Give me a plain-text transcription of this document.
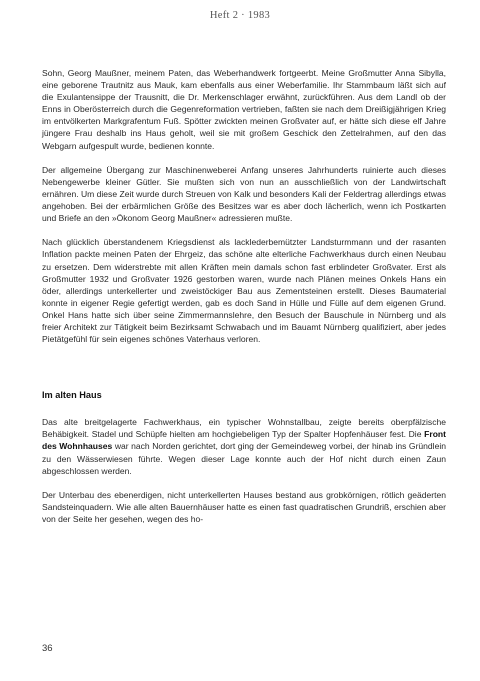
Heft 2 · 1983

Sohn, Georg Maußner, meinem Paten, das Weberhandwerk fortgeerbt. Meine Großmutter Anna Sibylla, eine geborene Trautnitz aus Mauk, kam ebenfalls aus einer Weberfamilie. Ihr Stammbaum läßt sich auf die Exulantensippe der Trausnitt, die Dr. Merkenschlager erwähnt, zurückführen. Aus dem Landl ob der Enns in Oberösterreich durch die Gegenreformation vertrieben, faßten sie nach dem Dreißigjährigen Krieg im entvölkerten Markgrafentum Fuß. Spötter zwickten meinen Großvater auf, er hätte sich diese elf Jahre jüngere Frau deshalb ins Haus geholt, weil sie mit großem Geschick den Zettelrahmen, auf den das Webgarn aufgespult wurde, bedienen konnte.

Der allgemeine Übergang zur Maschinenweberei Anfang unseres Jahrhunderts ruinierte auch dieses Nebengewerbe kleiner Gütler. Sie mußten sich von nun an ausschließlich von der Landwirtschaft ernähren. Um diese Zeit wurde durch Streuen von Kalk und besonders Kali der Feldertrag allerdings etwas angehoben. Bei der erbärmlichen Größe des Besitzes war es aber doch lächerlich, wenn ich Postkarten und Briefe an den »Ökonom Georg Maußner« adressieren mußte.

Nach glücklich überstandenem Kriegsdienst als lacklederbemützter Landsturmmann und der rasanten Inflation packte meinen Paten der Ehrgeiz, das schöne alte elterliche Fachwerkhaus durch einen Neubau zu ersetzen. Dem widerstrebte mit allen Kräften mein damals schon fast erblindeter Großvater. Erst als Großmutter 1932 und Großvater 1926 gestorben waren, wurde nach Plänen meines Onkels Hans ein öder, allerdings unterkellerter und zweistöckiger Bau aus Zementsteinen erstellt. Dieses Baumaterial konnte in eigener Regie gefertigt werden, gab es doch Sand in Hülle und Fülle auf dem eigenen Grund. Onkel Hans hatte sich über seine Zimmermannslehre, den Besuch der Bauschule in Nürnberg und als freier Architekt zur Tätigkeit beim Bezirksamt Schwabach und im Bauamt Nürnberg qualifiziert, aber jedes Pietätgefühl für sein eigenes schönes Vaterhaus verloren.

Im alten Haus

Das alte breitgelagerte Fachwerkhaus, ein typischer Wohnstallbau, zeigte bereits oberpfälzische Behäbigkeit. Stadel und Schüpfe hielten am hochgiebeligen Typ der Spalter Hopfenhäuser fest. Die Front des Wohnhauses war nach Norden gerichtet, dort ging der Gemeindeweg vorbei, der hinab ins Gründlein zu den Wässerwiesen führte. Wegen dieser Lage konnte auch der Hof nicht durch einen Zaun abgeschlossen werden.

Der Unterbau des ebenerdigen, nicht unterkellerten Hauses bestand aus grobkörnigen, rötlich geäderten Sandsteinquadern. Wie alle alten Bauernhäuser hatte es einen fast quadratischen Grundriß, erschien aber von der Seite her gesehen, wegen des ho-

36
